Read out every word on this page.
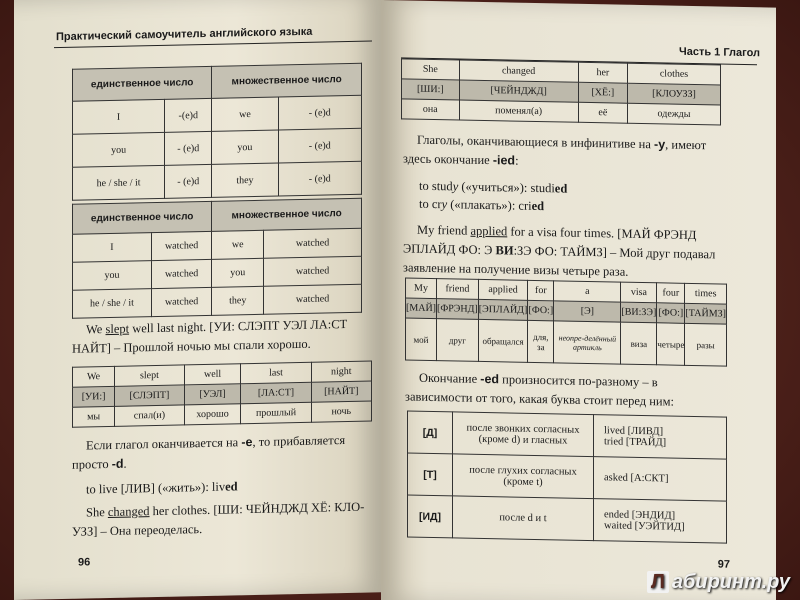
Практический самоучитель английского языка
единственное число		множественное число	
I	-(e)d	we	- (e)d
you	- (e)d	you	- (e)d
he / she / it	- (e)d	they	- (e)d
единственное число		множественное число	
I	watched	we	watched
you	watched	you	watched
he / she / it	watched	they	watched
We slept well last night. [УИ: СЛЭПТ УЭЛ ЛА:СТ НАЙТ] – Прошлой ночью мы спали хорошо.
We	slept	well	last	night
[УИ:]	[СЛЭПТ]	[УЭЛ]	[ЛА:СТ]	[НАЙТ]
мы	спал(и)	хорошо	прошлый	ночь
Если глагол оканчивается на -е, то прибавляется просто -d.
to live [ЛИВ] («жить»): lived
She changed her clothes. [ШИ: ЧЕЙНДЖД ХЁ: КЛО-УЗЗ] – Она переоделась.
96
Часть 1 Глагол
She	changed	her	clothes
[ШИ:]	[ЧЕЙНДЖД]	[ХЁ:]	[КЛОУЗЗ]
она	поменял(а)	её	одежды
Глаголы, оканчивающиеся в инфинитиве на -y, имеют здесь окончание -ied:
to study («учиться»): studied
to cry («плакать»): cried
My friend applied for a visa four times. [МАЙ ФРЭНД ЭПЛАЙД ФО: Э ВИ:ЗЭ ФО: ТАЙМЗ] – Мой друг подавал заявление на получение визы четыре раза.
My	friend	applied	for	a	visa	four	times
[МАЙ]	[ФРЭНД]	[ЭПЛАЙД]	[ФО:]	[Э]	[ВИ:ЗЭ]	[ФО:]	[ТАЙМЗ]
мой	друг	обращался	для, за	неопре-делённый артикль	виза	четыре	разы
Окончание -ed произносится по-разному – в зависимости от того, какая буква стоит перед ним:
[Д]	после звонких согласных (кроме d) и гласных	lived [ЛИВД]
tried [ТРАЙД]

[Т]	после глухих согласных (кроме t)	asked [А:СКТ]

[ИД]	после d и t	ended [ЭНДИД]
waited [УЭЙТИД]
97
Л абиринт.ру
